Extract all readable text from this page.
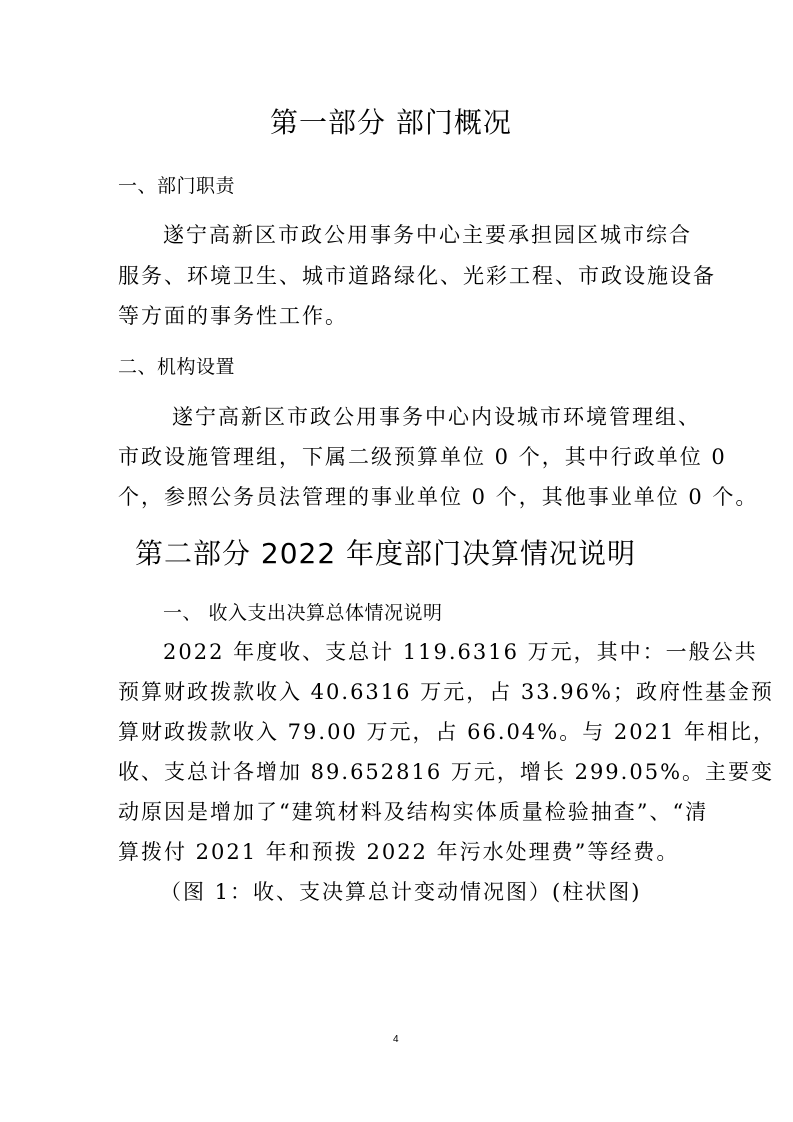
第一部分 部门概况
一、部门职责
遂宁高新区市政公用事务中心主要承担园区城市综合
服务、环境卫生、城市道路绿化、光彩工程、市政设施设备
等方面的事务性工作。
二、机构设置
遂宁高新区市政公用事务中心内设城市环境管理组、
市政设施管理组，下属二级预算单位 0 个，其中行政单位 0
个，参照公务员法管理的事业单位 0 个，其他事业单位 0 个。
第二部分 2022 年度部门决算情况说明
一、 收入支出决算总体情况说明
2022 年度收、支总计 119.6316 万元，其中：一般公共
预算财政拨款收入 40.6316 万元，占 33.96%；政府性基金预
算财政拨款收入 79.00 万元，占 66.04%。与 2021 年相比，
收、支总计各增加 89.652816 万元，增长 299.05%。主要变
动原因是增加了“建筑材料及结构实体质量检验抽查”、“清
算拨付 2021 年和预拨 2022 年污水处理费”等经费。
（图 1：收、支决算总计变动情况图）(柱状图)
4
